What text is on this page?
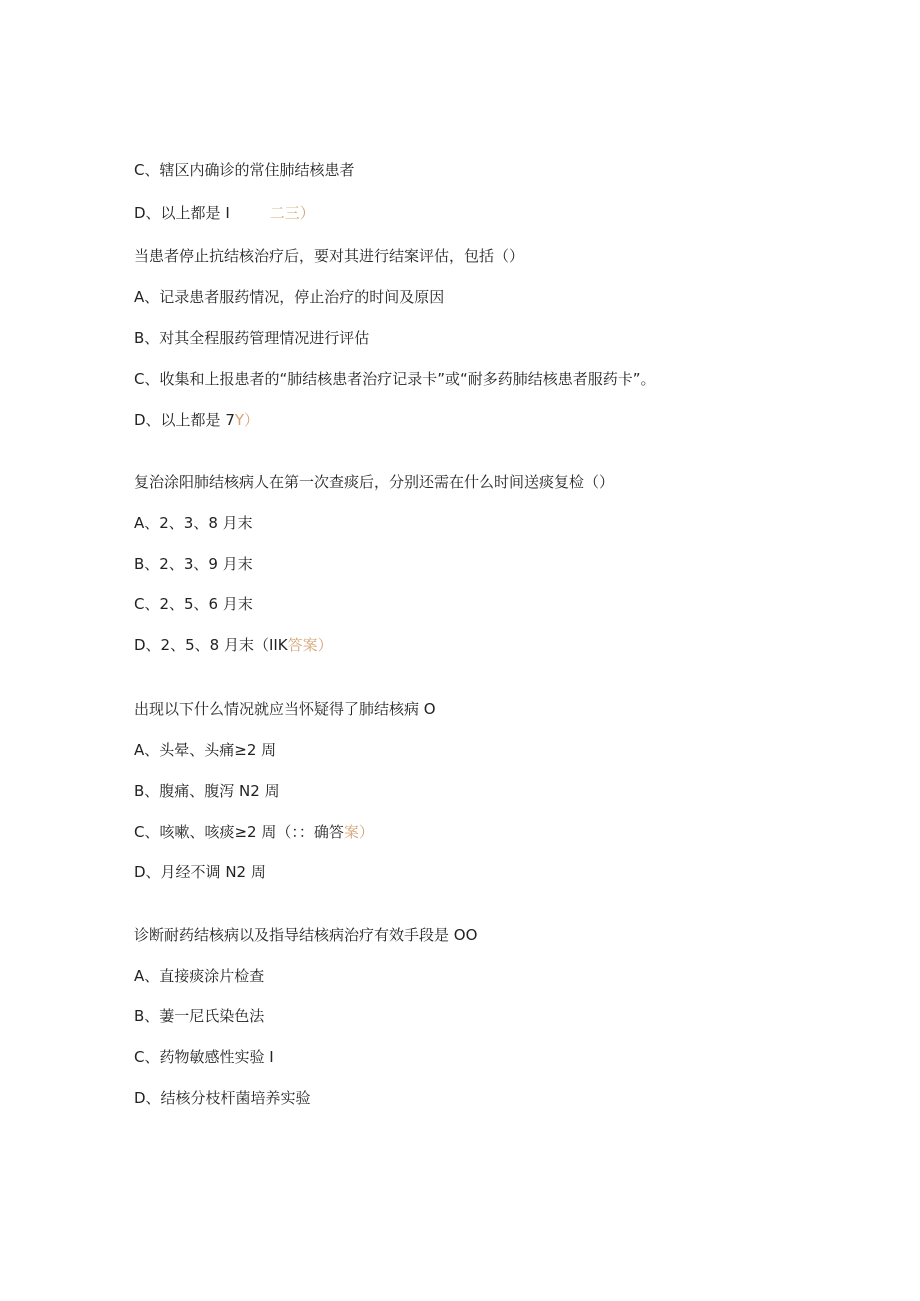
C、辖区内确诊的常住肺结核患者
D、以上都是 I	二三）
当患者停止抗结核治疗后，要对其进行结案评估，包括（）
A、记录患者服药情况，停止治疗的时间及原因
B、对其全程服药管理情况进行评估
C、收集和上报患者的“肺结核患者治疗记录卡”或“耐多药肺结核患者服药卡”。
D、以上都是 7Y）
复治涂阳肺结核病人在第一次查痰后，分别还需在什么时间送痰复检（）
A、2、3、8 月末
B、2、3、9 月末
C、2、5、6 月末
D、2、5、8 月末（IIK答案）
出现以下什么情况就应当怀疑得了肺结核病 O
A、头晕、头痛≥2 周
B、腹痛、腹泻 N2 周
C、咳嗽、咳痰≥2 周（：：确答案）
D、月经不调 N2 周
诊断耐药结核病以及指导结核病治疗有效手段是 OO
A、直接痰涂片检查
B、萋一尼氏染色法
C、药物敏感性实验 I
D、结核分枝杆菌培养实验
